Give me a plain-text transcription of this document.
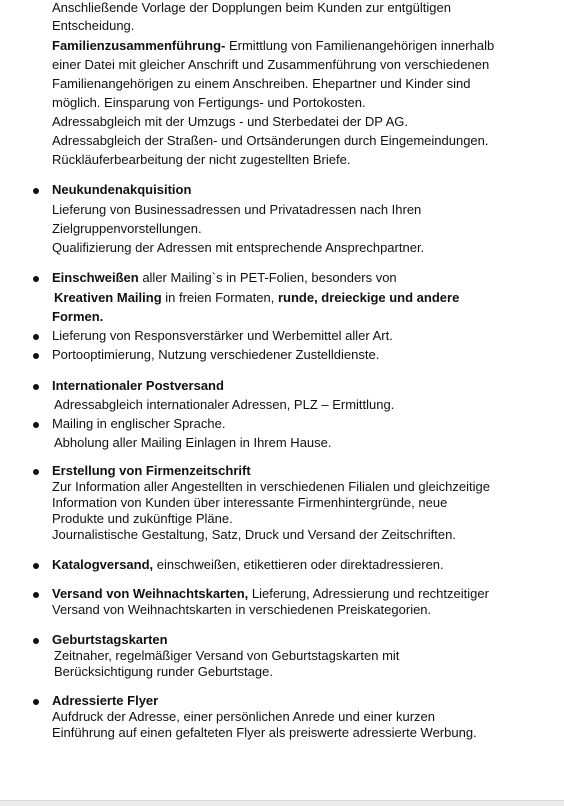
Anschließende Vorlage der Dopplungen beim Kunden zur entgültigen
Entscheidung.
Familienzusammenführung- Ermittlung von Familienangehörigen innerhalb
einer Datei mit gleicher Anschrift und Zusammenführung von verschiedenen
Familienangehörigen zu einem Anschreiben. Ehepartner und Kinder sind
möglich. Einsparung von Fertigungs- und Portokosten.
Adressabgleich mit der Umzugs - und Sterbedatei der DP AG.
Adressabgleich der Straßen- und Ortsänderungen durch Eingemeindungen.
Rückläuferbearbeitung der nicht zugestellten Briefe.
Neukundenakquisition
Lieferung von Businessadressen und Privatadressen nach Ihren
Zielgruppenvorstellungen.
Qualifizierung der Adressen mit entsprechende Ansprechpartner.
Einschweißen aller Mailing`s in PET-Folien, besonders von
Kreativen Mailing in freien Formaten, runde, dreieckige und andere
Formen.
Lieferung von Responsverstärker und Werbemittel aller Art.
Portooptimierung, Nutzung verschiedener Zustelldienste.
Internationaler Postversand
Adressabgleich internationaler Adressen, PLZ – Ermittlung.
Mailing in englischer Sprache.
Abholung aller Mailing Einlagen in Ihrem Hause.
Erstellung von Firmenzeitschrift
Zur Information aller Angestellten in verschiedenen Filialen und gleichzeitige
Information von Kunden über interessante Firmenhintergründe, neue
Produkte und zukünftige Pläne.
Journalistische Gestaltung, Satz, Druck und Versand der Zeitschriften.
Katalogversand, einschweißen, etikettieren oder direktadressieren.
Versand von Weihnachtskarten, Lieferung, Adressierung und rechtzeitiger
Versand von Weihnachtskarten in verschiedenen Preiskategorien.
Geburtstagskarten
Zeitnaher, regelmäßiger Versand von Geburtstagskarten mit
Berücksichtigung runder Geburtstage.
Adressierte Flyer
Aufdruck der Adresse, einer persönlichen Anrede und einer kurzen
Einführung auf einen gefalteten Flyer als preiswerte adressierte Werbung.
